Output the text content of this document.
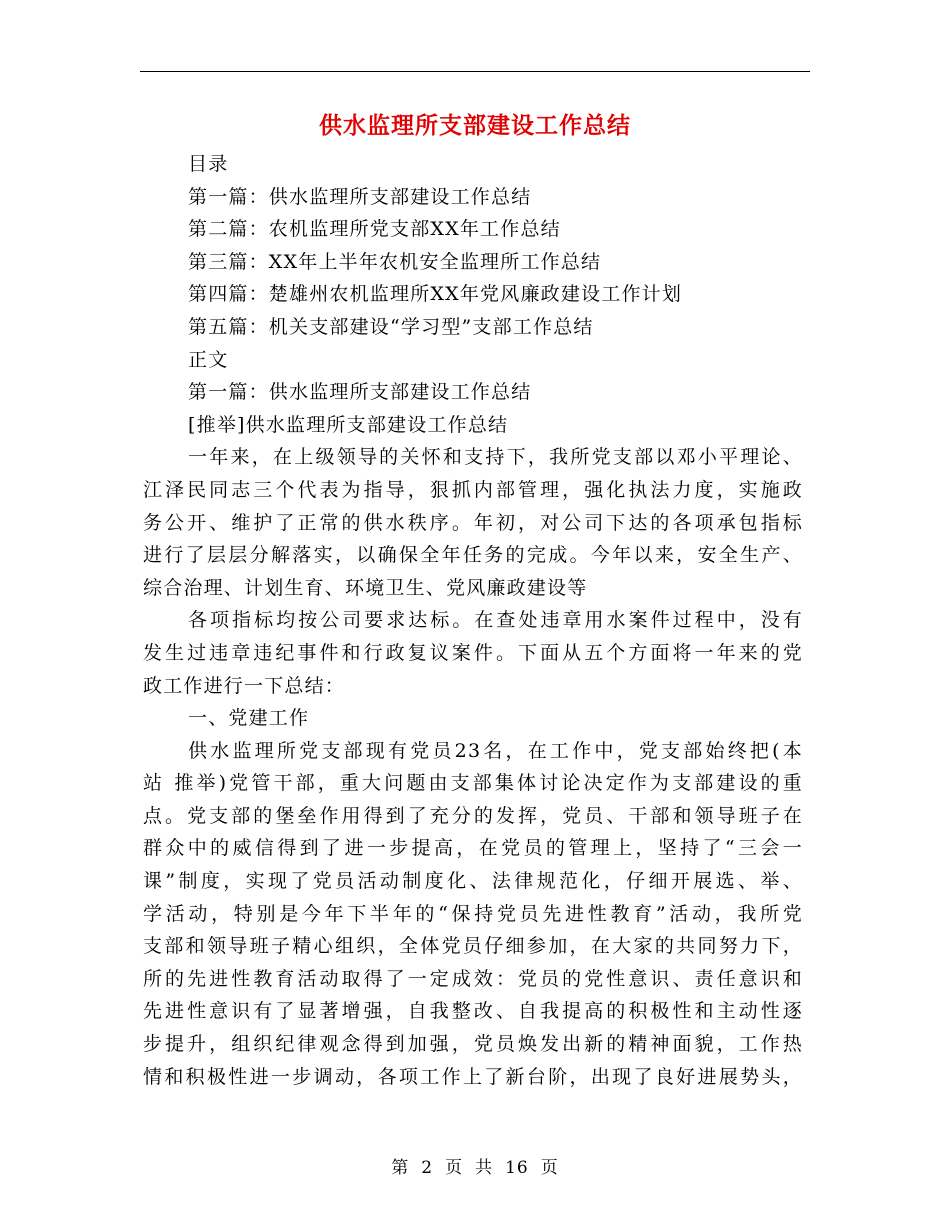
供水监理所支部建设工作总结
目录
第一篇：供水监理所支部建设工作总结
第二篇：农机监理所党支部XX年工作总结
第三篇：XX年上半年农机安全监理所工作总结
第四篇：楚雄州农机监理所XX年党风廉政建设工作计划
第五篇：机关支部建设“学习型”支部工作总结
正文
第一篇：供水监理所支部建设工作总结
[推举]供水监理所支部建设工作总结
一年来，在上级领导的关怀和支持下，我所党支部以邓小平理论、
江泽民同志三个代表为指导，狠抓内部管理，强化执法力度，实施政
务公开、维护了正常的供水秩序。年初，对公司下达的各项承包指标
进行了层层分解落实，以确保全年任务的完成。今年以来，安全生产、
综合治理、计划生育、环境卫生、党风廉政建设等
各项指标均按公司要求达标。在查处违章用水案件过程中，没有
发生过违章违纪事件和行政复议案件。下面从五个方面将一年来的党
政工作进行一下总结：
一、党建工作
供水监理所党支部现有党员23名，在工作中，党支部始终把(本
站 推举)党管干部，重大问题由支部集体讨论决定作为支部建设的重
点。党支部的堡垒作用得到了充分的发挥，党员、干部和领导班子在
群众中的威信得到了进一步提高，在党员的管理上，坚持了“三会一
课”制度，实现了党员活动制度化、法律规范化，仔细开展选、举、
学活动，特别是今年下半年的“保持党员先进性教育”活动，我所党
支部和领导班子精心组织，全体党员仔细参加，在大家的共同努力下，
所的先进性教育活动取得了一定成效：党员的党性意识、责任意识和
先进性意识有了显著增强，自我整改、自我提高的积极性和主动性逐
步提升，组织纪律观念得到加强，党员焕发出新的精神面貌，工作热
情和积极性进一步调动，各项工作上了新台阶，出现了良好进展势头，
第 2 页 共 16 页
